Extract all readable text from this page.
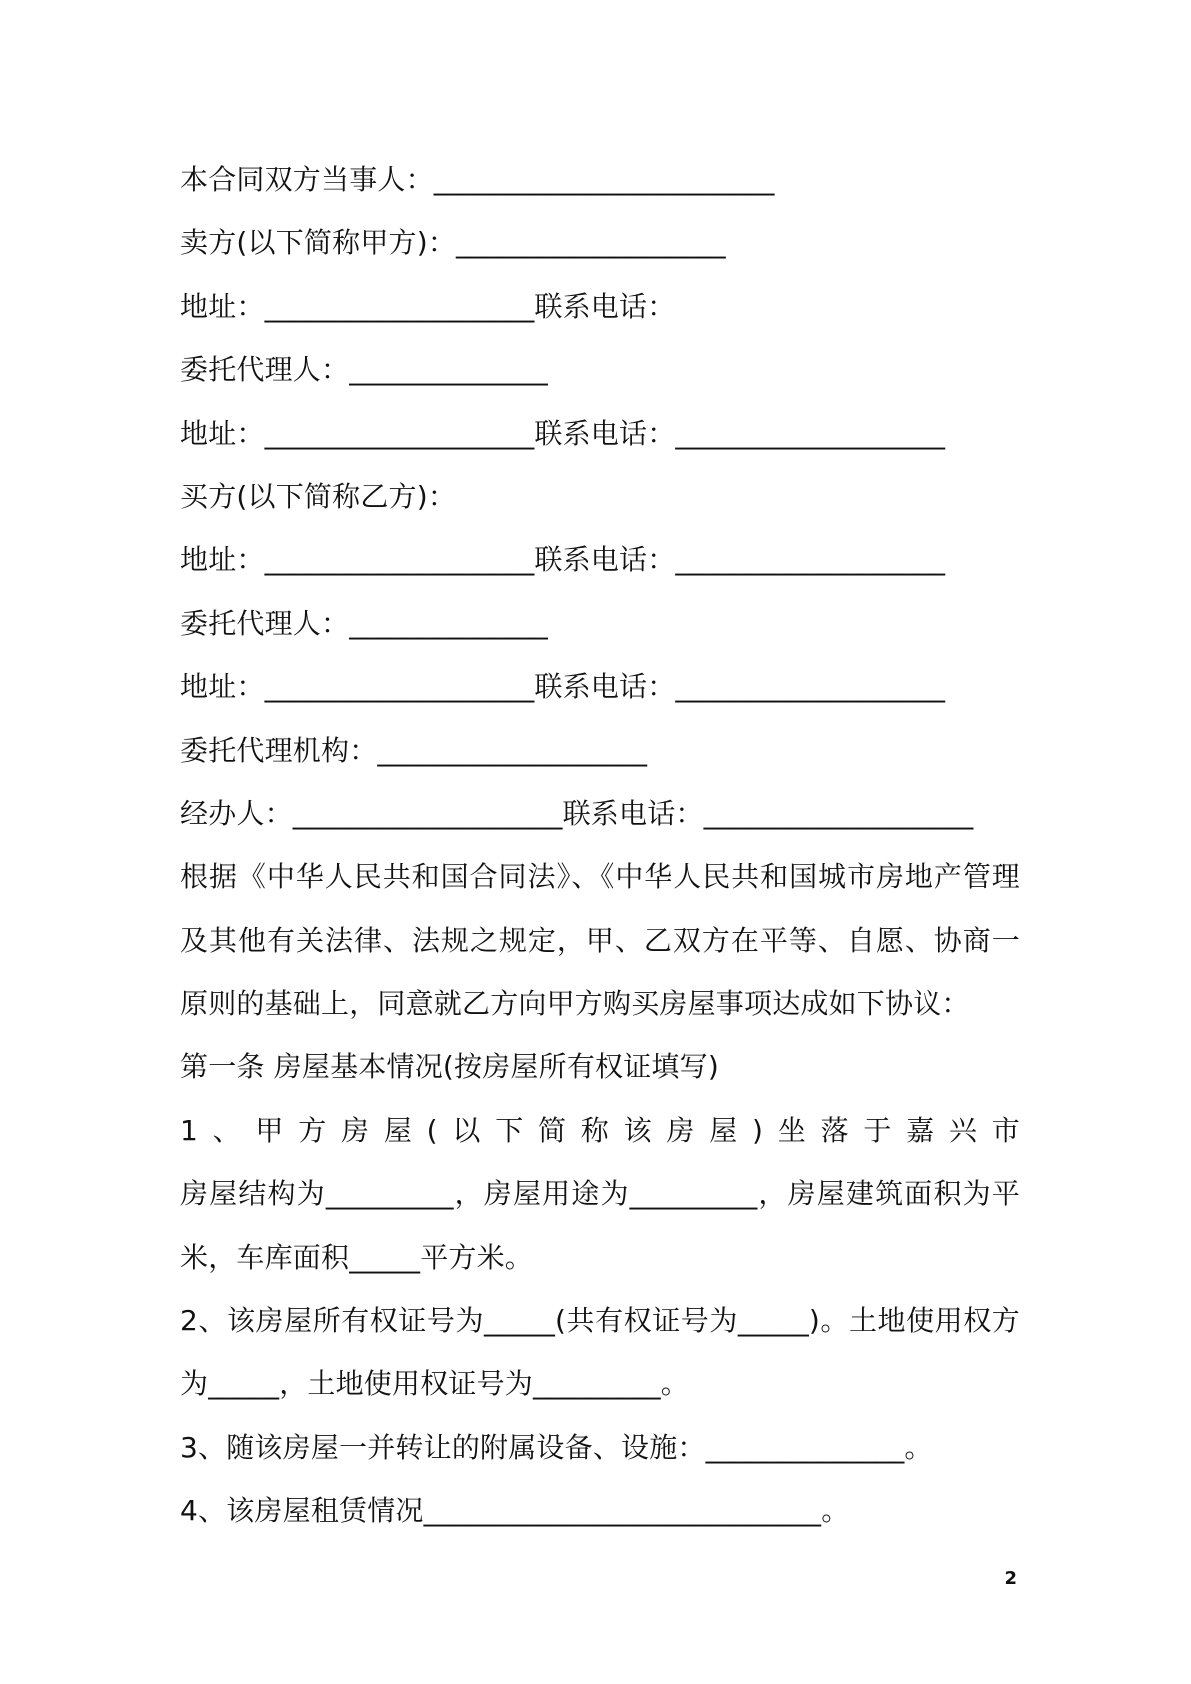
本合同双方当事人：________________________
卖方(以下简称甲方)：___________________
地址：___________________联系电话：
委托代理人：______________
地址：___________________联系电话：___________________
买方(以下简称乙方)：
地址：___________________联系电话：___________________
委托代理人：______________
地址：___________________联系电话：___________________
委托代理机构：___________________
经办人：___________________联系电话：___________________
根据《中华人民共和国合同法》、《中华人民共和国城市房地产管理
及其他有关法律、法规之规定，甲、乙双方在平等、自愿、协商一
原则的基础上，同意就乙方向甲方购买房屋事项达成如下协议：
第一条 房屋基本情况(按房屋所有权证填写)
1、甲方房屋(以下简称该房屋)坐落于嘉兴市
房屋结构为_________，房屋用途为_________，房屋建筑面积为平
米，车库面积_____平方米。
2、该房屋所有权证号为_____(共有权证号为_____)。土地使用权方
为_____，土地使用权证号为_________。
3、随该房屋一并转让的附属设备、设施：______________。
4、该房屋租赁情况____________________________。
2
